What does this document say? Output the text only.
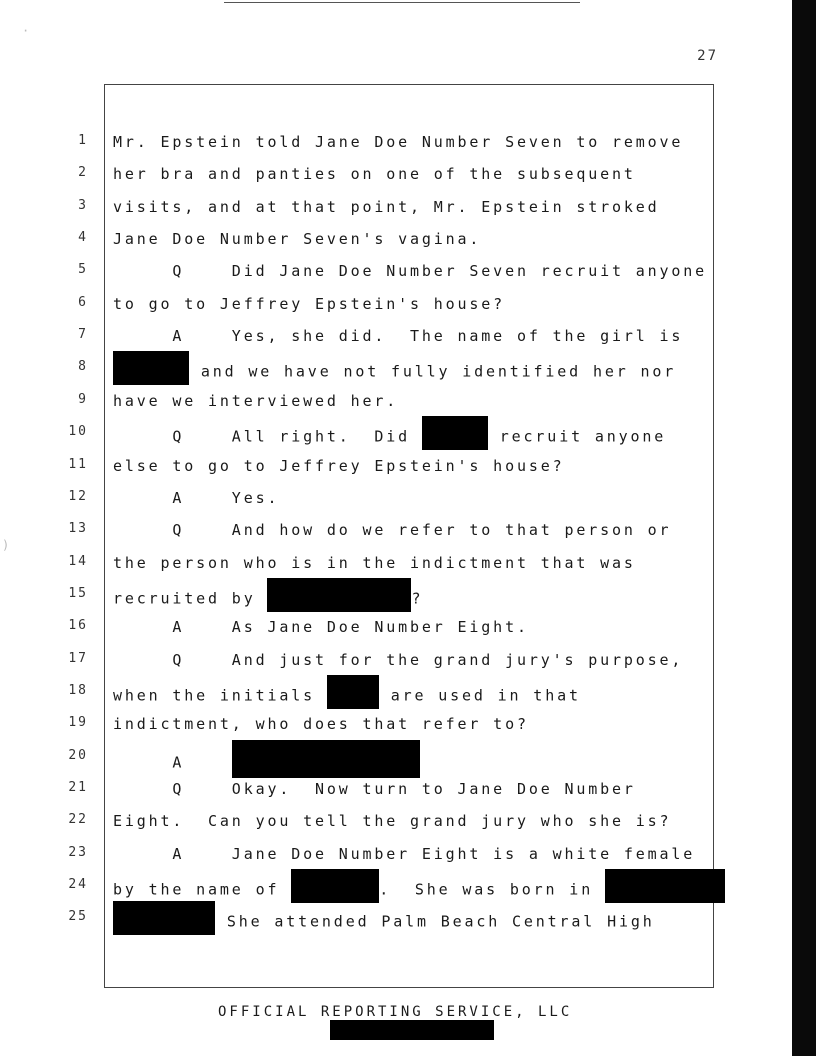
·
)
27
1 Mr. Epstein told Jane Doe Number Seven to remove
2 her bra and panties on one of the subsequent
3 visits, and at that point, Mr. Epstein stroked
4 Jane Doe Number Seven's vagina.
5 Q    Did Jane Doe Number Seven recruit anyone
6 to go to Jeffrey Epstein's house?
7 A    Yes, she did.  The name of the girl is
8	and we have not fully identified her nor
9 have we interviewed her.
10 Q    All right.  Did	recruit anyone
11 else to go to Jeffrey Epstein's house?
12 A    Yes.
13 Q    And how do we refer to that person or
14 the person who is in the indictment that was
15 recruited by	?
16 A    As Jane Doe Number Eight.
17 Q    And just for the grand jury's purpose,
18 when the initials	are used in that
19 indictment, who does that refer to?
20 A
21 Q    Okay.  Now turn to Jane Doe Number
22 Eight.  Can you tell the grand jury who she is?
23 A    Jane Doe Number Eight is a white female
24 by the name of	.  She was born in
25	She attended Palm Beach Central High
OFFICIAL REPORTING SERVICE, LLC
